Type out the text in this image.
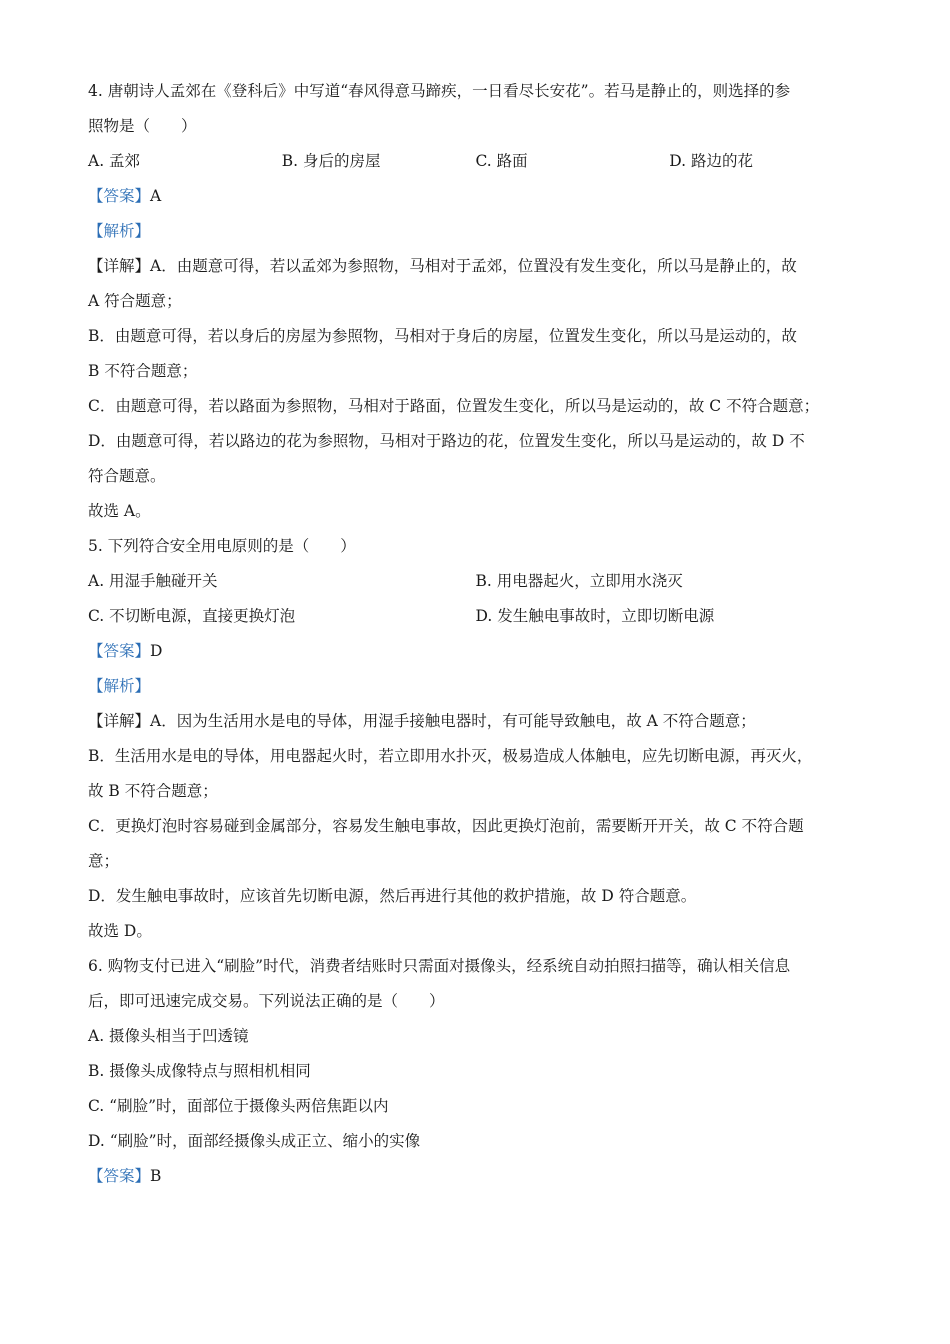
4. 唐朝诗人孟郊在《登科后》中写道“春风得意马蹄疾，一日看尽长安花”。若马是静止的，则选择的参
照物是（　　）
A. 孟郊	B. 身后的房屋	C. 路面	D. 路边的花
【答案】A
【解析】
【详解】A．由题意可得，若以孟郊为参照物，马相对于孟郊，位置没有发生变化，所以马是静止的，故
A 符合题意；
B．由题意可得，若以身后的房屋为参照物，马相对于身后的房屋，位置发生变化，所以马是运动的，故
B 不符合题意；
C．由题意可得，若以路面为参照物，马相对于路面，位置发生变化，所以马是运动的，故 C 不符合题意；
D．由题意可得，若以路边的花为参照物，马相对于路边的花，位置发生变化，所以马是运动的，故 D 不
符合题意。
故选 A。
5. 下列符合安全用电原则的是（　　）
A. 用湿手触碰开关	B. 用电器起火，立即用水浇灭
C. 不切断电源，直接更换灯泡	D. 发生触电事故时，立即切断电源
【答案】D
【解析】
【详解】A．因为生活用水是电的导体，用湿手接触电器时，有可能导致触电，故 A 不符合题意；
B．生活用水是电的导体，用电器起火时，若立即用水扑灭，极易造成人体触电，应先切断电源，再灭火，
故 B 不符合题意；
C．更换灯泡时容易碰到金属部分，容易发生触电事故，因此更换灯泡前，需要断开开关，故 C 不符合题
意；
D．发生触电事故时，应该首先切断电源，然后再进行其他的救护措施，故 D 符合题意。
故选 D。
6. 购物支付已进入“刷脸”时代，消费者结账时只需面对摄像头，经系统自动拍照扫描等，确认相关信息
后，即可迅速完成交易。下列说法正确的是（　　）
A. 摄像头相当于凹透镜
B. 摄像头成像特点与照相机相同
C. “刷脸”时，面部位于摄像头两倍焦距以内
D. “刷脸”时，面部经摄像头成正立、缩小的实像
【答案】B
